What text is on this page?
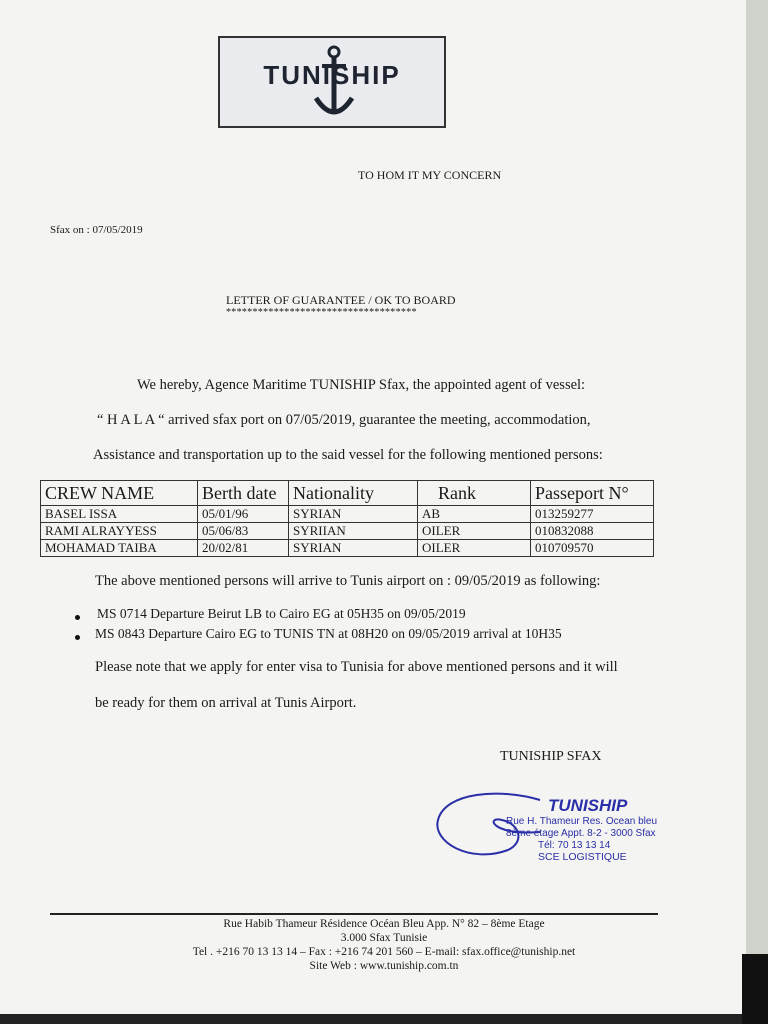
TUNISHIP
TO HOM IT MY CONCERN
Sfax on : 07/05/2019
LETTER OF GUARANTEE / OK TO BOARD
************************************
We hereby, Agence Maritime TUNISHIP Sfax, the appointed agent of vessel:
“ H A L A “ arrived sfax port on 07/05/2019, guarantee the meeting, accommodation,
Assistance and transportation up to the said vessel for the following mentioned persons:
CREW NAME	Berth date	Nationality	Rank	Passeport N°
BASEL ISSA	05/01/96	SYRIAN	AB	013259277
RAMI ALRAYYESS	05/06/83	SYRIIAN	OILER	010832088
MOHAMAD TAIBA	20/02/81	SYRIAN	OILER	010709570
The above mentioned persons will arrive to Tunis airport on : 09/05/2019 as following:
MS 0714 Departure Beirut LB to Cairo EG at 05H35 on 09/05/2019
MS 0843 Departure Cairo EG to TUNIS TN at 08H20 on 09/05/2019 arrival at 10H35
Please note that we apply for enter visa to Tunisia for above mentioned persons and it will
be ready for them on arrival at Tunis Airport.
TUNISHIP SFAX
TUNISHIP
Rue H. Thameur Res. Ocean bleu
8ème étage Appt. 8-2 - 3000 Sfax
Tél: 70 13 13 14
SCE LOGISTIQUE
Rue Habib Thameur Résidence Océan Bleu App. N° 82 – 8ème Etage
3.000 Sfax Tunisie
Tel . +216 70 13 13 14 – Fax : +216 74 201 560 – E-mail: sfax.office@tuniship.net
Site Web : www.tuniship.com.tn
